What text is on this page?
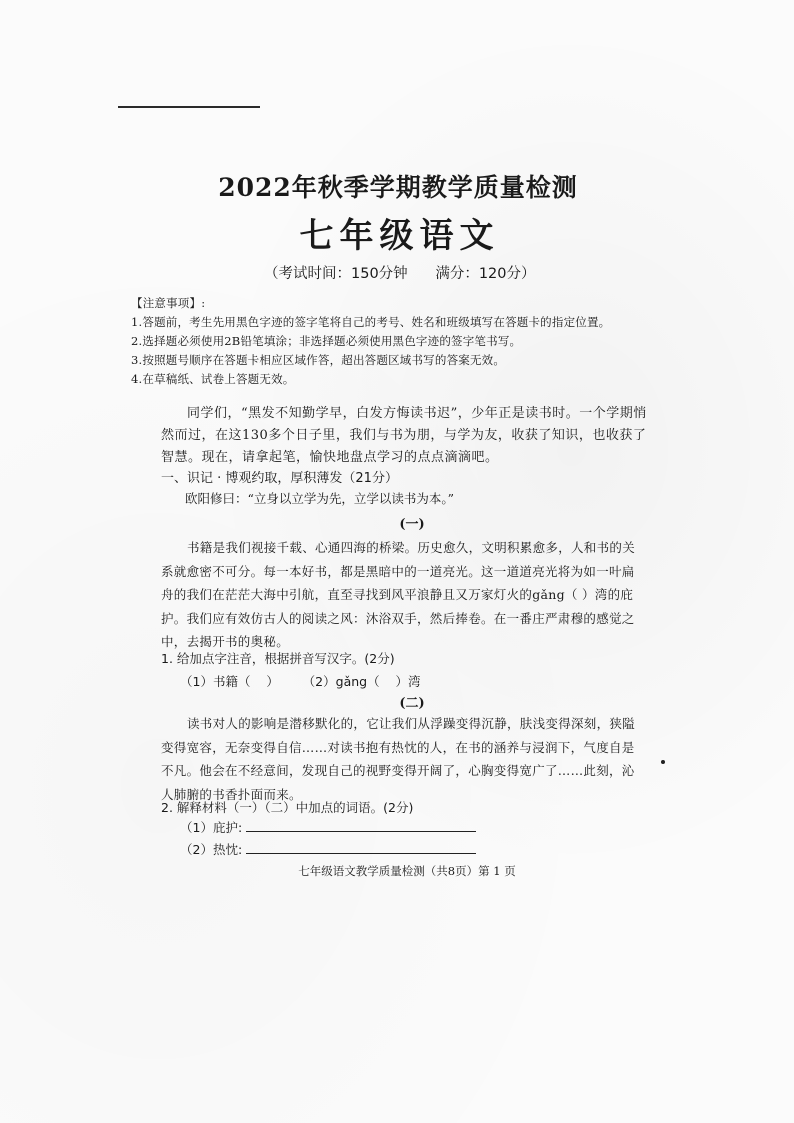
2022年秋季学期教学质量检测
七年级语文
（考试时间：150分钟      满分：120分）
【注意事项】:
1.答题前，考生先用黑色字迹的签字笔将自己的考号、姓名和班级填写在答题卡的指定位置。
2.选择题必须使用2B铅笔填涂；非选择题必须使用黑色字迹的签字笔书写。
3.按照题号顺序在答题卡相应区域作答，超出答题区域书写的答案无效。
4.在草稿纸、试卷上答题无效。
同学们，“黑发不知勤学早，白发方悔读书迟”，少年正是读书时。一个学期悄然而过，在这130多个日子里，我们与书为朋，与学为友，收获了知识，也收获了智慧。现在，请拿起笔，愉快地盘点学习的点点滴滴吧。
一、识记 · 博观约取，厚积薄发（21分）
欧阳修曰：“立身以立学为先，立学以读书为本。”
(一)
书籍是我们视接千载、心通四海的桥梁。历史愈久，文明积累愈多，人和书的关系就愈密不可分。每一本好书，都是黑暗中的一道亮光。这一道道亮光将为如一叶扁舟的我们在茫茫大海中引航，直至寻找到风平浪静且又万家灯火的gǎng（ ）湾的庇护。我们应有效仿古人的阅读之风：沐浴双手，然后捧卷。在一番庄严肃穆的感觉之中，去揭开书的奥秘。
1. 给加点字注音，根据拼音写汉字。(2分)
（1）书籍（    ）      （2）gǎng（    ）湾
(二)
读书对人的影响是潜移默化的，它让我们从浮躁变得沉静，肤浅变得深刻，狭隘变得宽容，无奈变得自信……对读书抱有热忱的人，在书的涵养与浸润下，气度自是不凡。他会在不经意间，发现自己的视野变得开阔了，心胸变得宽广了……此刻，沁人肺腑的书香扑面而来。
2. 解释材料（一）（二）中加点的词语。(2分)
（1）庇护:
（2）热忱:
七年级语文教学质量检测（共8页）第 1 页
